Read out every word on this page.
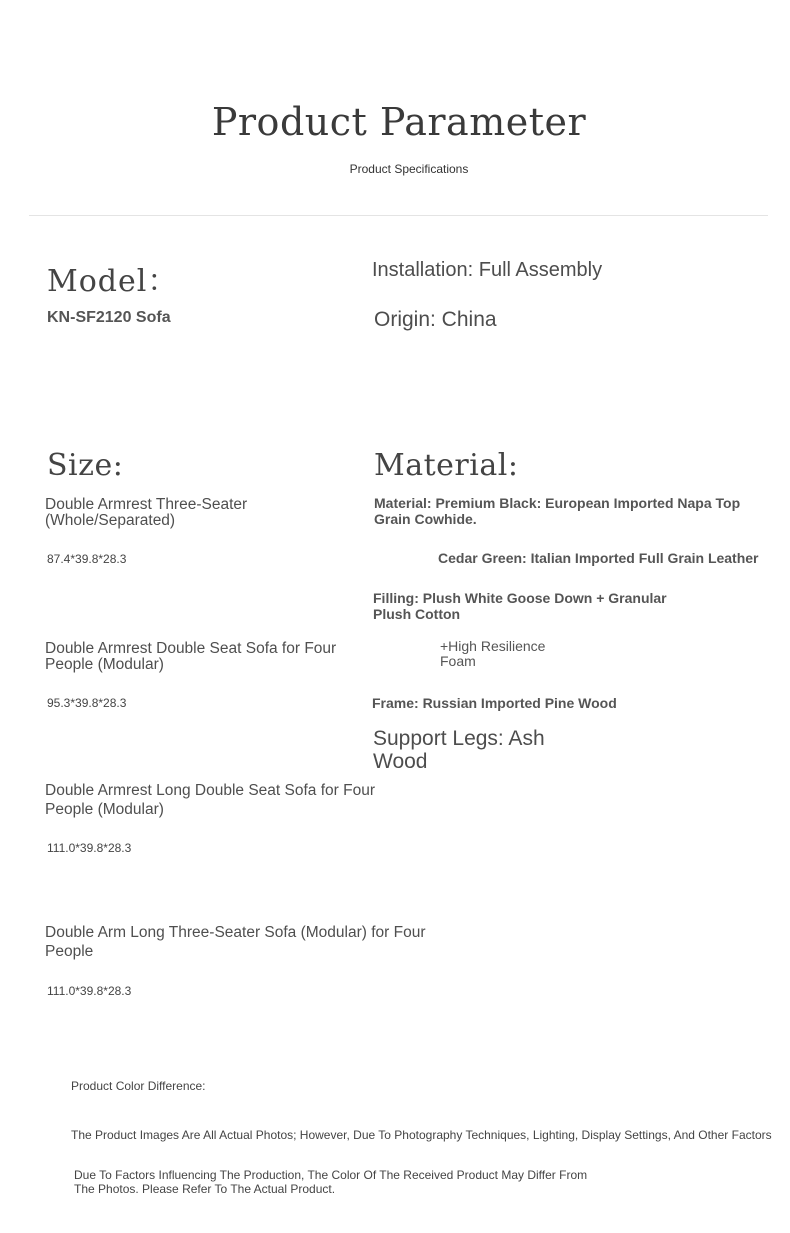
Product Parameter
Product Specifications
Model：
KN-SF2120 Sofa
Installation: Full Assembly
Origin: China
Size:	Material:
Double Armrest Three-Seater (Whole/Separated)
87.4*39.8*28.3
Double Armrest Double Seat Sofa for Four People (Modular)
95.3*39.8*28.3
Double Armrest Long Double Seat Sofa for Four People (Modular)
111.0*39.8*28.3
Double Arm Long Three-Seater Sofa (Modular) for Four People
111.0*39.8*28.3
Material: Premium Black: European Imported Napa Top Grain Cowhide.
Cedar Green: Italian Imported Full Grain Leather
Filling: Plush White Goose Down + Granular Plush Cotton
+High Resilience Foam
Frame: Russian Imported Pine Wood
Support Legs: Ash Wood
Product Color Difference:
The Product Images Are All Actual Photos; However, Due To Photography Techniques, Lighting, Display Settings, And Other Factors
Due To Factors Influencing The Production, The Color Of The Received Product May Differ From The Photos. Please Refer To The Actual Product.
